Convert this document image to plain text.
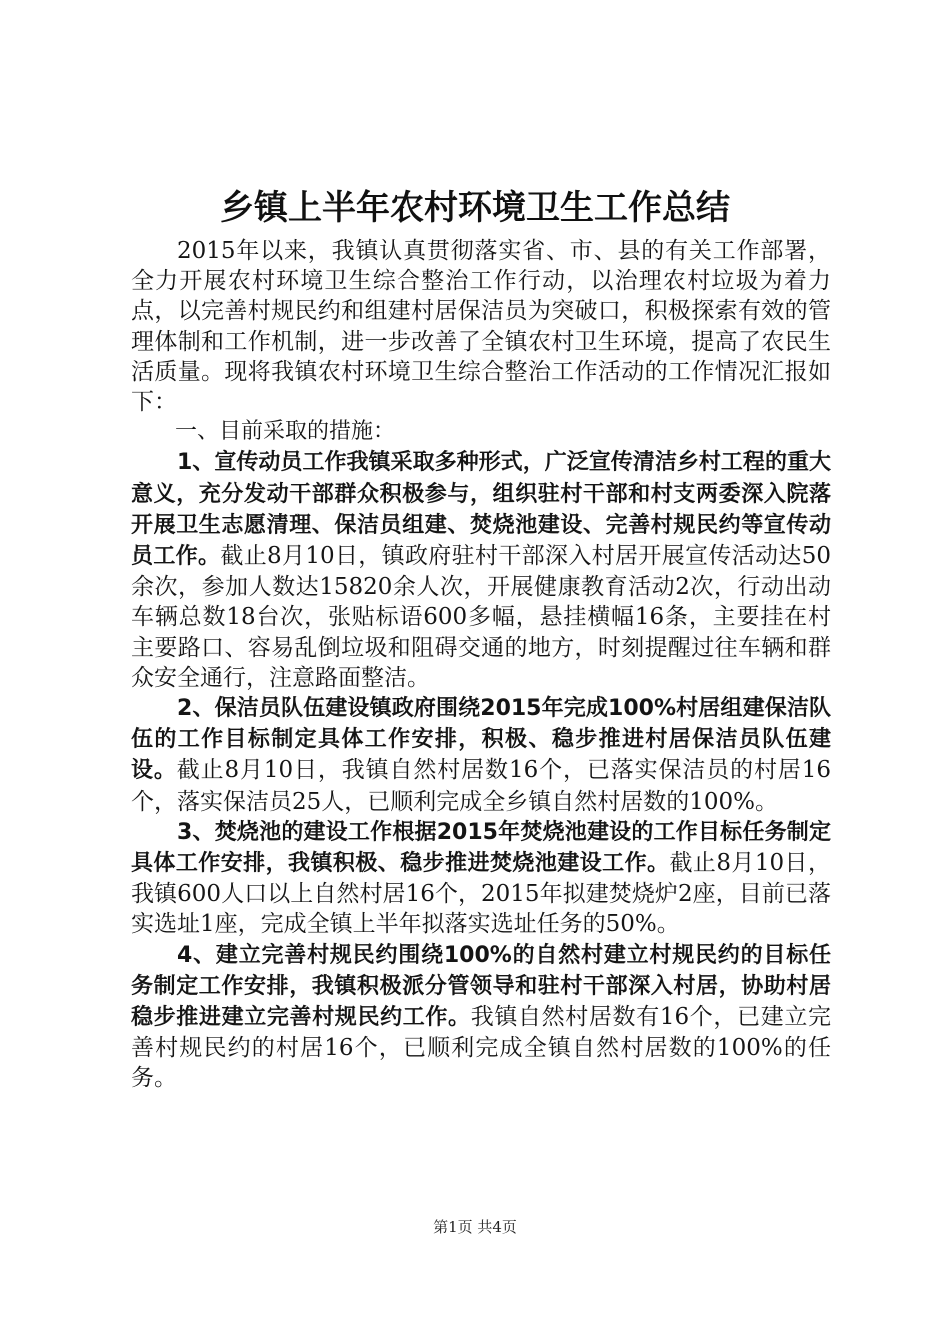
乡镇上半年农村环境卫生工作总结

2015年以来，我镇认真贯彻落实省、市、县的有关工作部署，全力开展农村环境卫生综合整治工作行动，以治理农村垃圾为着力点，以完善村规民约和组建村居保洁员为突破口，积极探索有效的管理体制和工作机制，进一步改善了全镇农村卫生环境，提高了农民生活质量。现将我镇农村环境卫生综合整治工作活动的工作情况汇报如下：

一、目前采取的措施：

1、宣传动员工作我镇采取多种形式，广泛宣传清洁乡村工程的重大意义，充分发动干部群众积极参与，组织驻村干部和村支两委深入院落开展卫生志愿清理、保洁员组建、焚烧池建设、完善村规民约等宣传动员工作。截止8月10日，镇政府驻村干部深入村居开展宣传活动达50余次，参加人数达15820余人次，开展健康教育活动2次，行动出动车辆总数18台次，张贴标语600多幅，悬挂横幅16条，主要挂在村主要路口、容易乱倒垃圾和阻碍交通的地方，时刻提醒过往车辆和群众安全通行，注意路面整洁。

2、保洁员队伍建设镇政府围绕2015年完成100%村居组建保洁队伍的工作目标制定具体工作安排，积极、稳步推进村居保洁员队伍建设。截止8月10日，我镇自然村居数16个，已落实保洁员的村居16个，落实保洁员25人，已顺利完成全乡镇自然村居数的100%。

3、焚烧池的建设工作根据2015年焚烧池建设的工作目标任务制定具体工作安排，我镇积极、稳步推进焚烧池建设工作。截止8月10日，我镇600人口以上自然村居16个，2015年拟建焚烧炉2座，目前已落实选址1座，完成全镇上半年拟落实选址任务的50%。

4、建立完善村规民约围绕100%的自然村建立村规民约的目标任务制定工作安排，我镇积极派分管领导和驻村干部深入村居，协助村居稳步推进建立完善村规民约工作。我镇自然村居数有16个，已建立完善村规民约的村居16个，已顺利完成全镇自然村居数的100%的任务。

第1页 共4页
